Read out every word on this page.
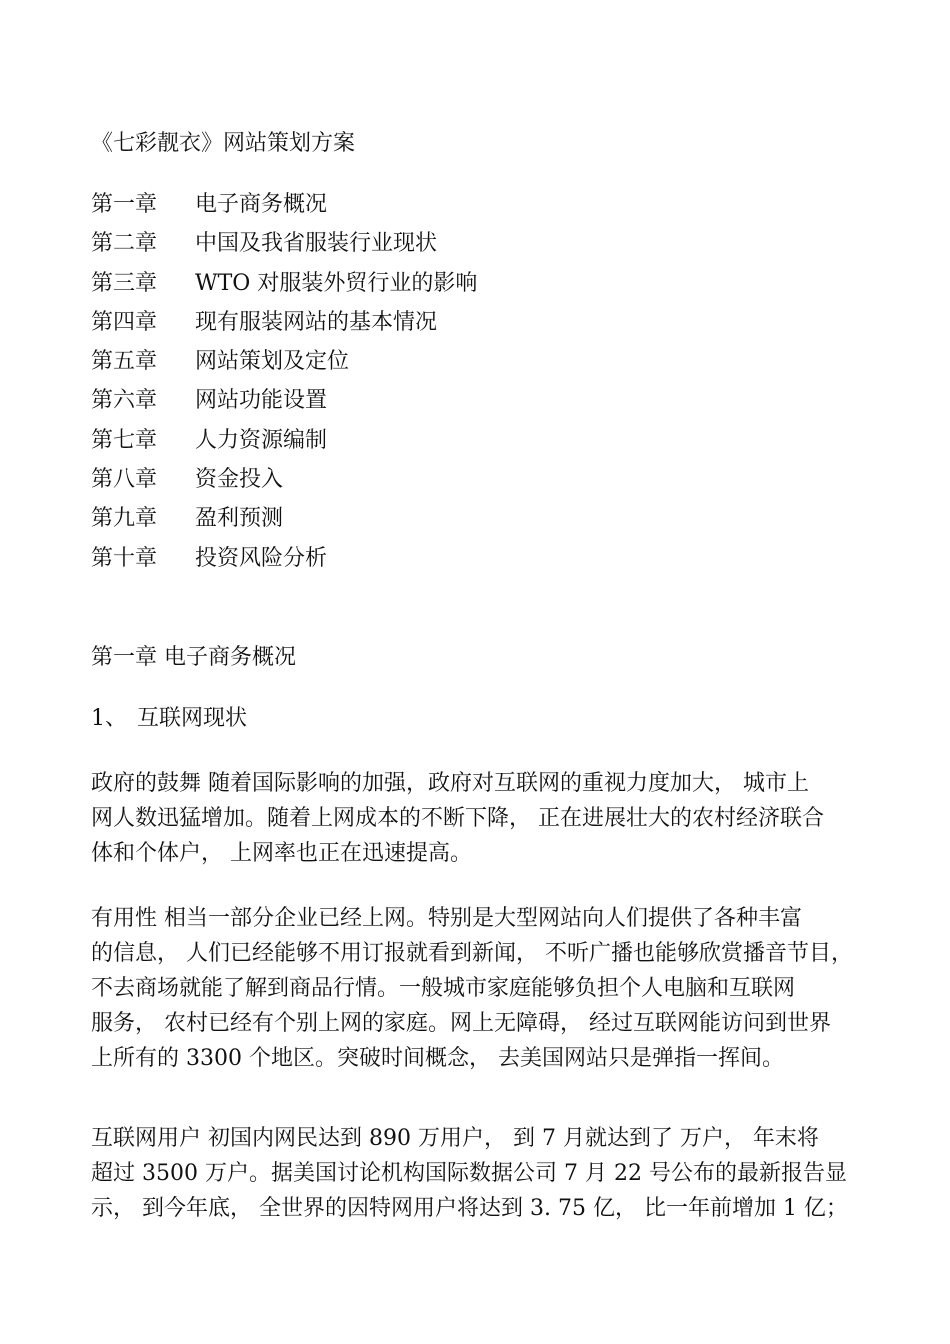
《七彩靓衣》网站策划方案
第一章	电子商务概况
第二章	中国及我省服装行业现状
第三章	WTO 对服装外贸行业的影响
第四章	现有服装网站的基本情况
第五章	网站策划及定位
第六章	网站功能设置
第七章	人力资源编制
第八章	资金投入
第九章	盈利预测
第十章	投资风险分析
第一章 电子商务概况
1、 互联网现状

政府的鼓舞 随着国际影响的加强，政府对互联网的重视力度加大， 城市上
网人数迅猛增加。随着上网成本的不断下降， 正在进展壮大的农村经济联合
体和个体户， 上网率也正在迅速提高。

有用性 相当一部分企业已经上网。特别是大型网站向人们提供了各种丰富
的信息， 人们已经能够不用订报就看到新闻， 不听广播也能够欣赏播音节目，
不去商场就能了解到商品行情。一般城市家庭能够负担个人电脑和互联网
服务， 农村已经有个别上网的家庭。网上无障碍， 经过互联网能访问到世界
上所有的 3300 个地区。突破时间概念， 去美国网站只是弹指一挥间。

互联网用户 初国内网民达到 890 万用户， 到 7 月就达到了 万户， 年末将
超过 3500 万户。据美国讨论机构国际数据公司 7 月 22 号公布的最新报告显
示， 到今年底， 全世界的因特网用户将达到 3. 75 亿， 比一年前增加 1 亿；
